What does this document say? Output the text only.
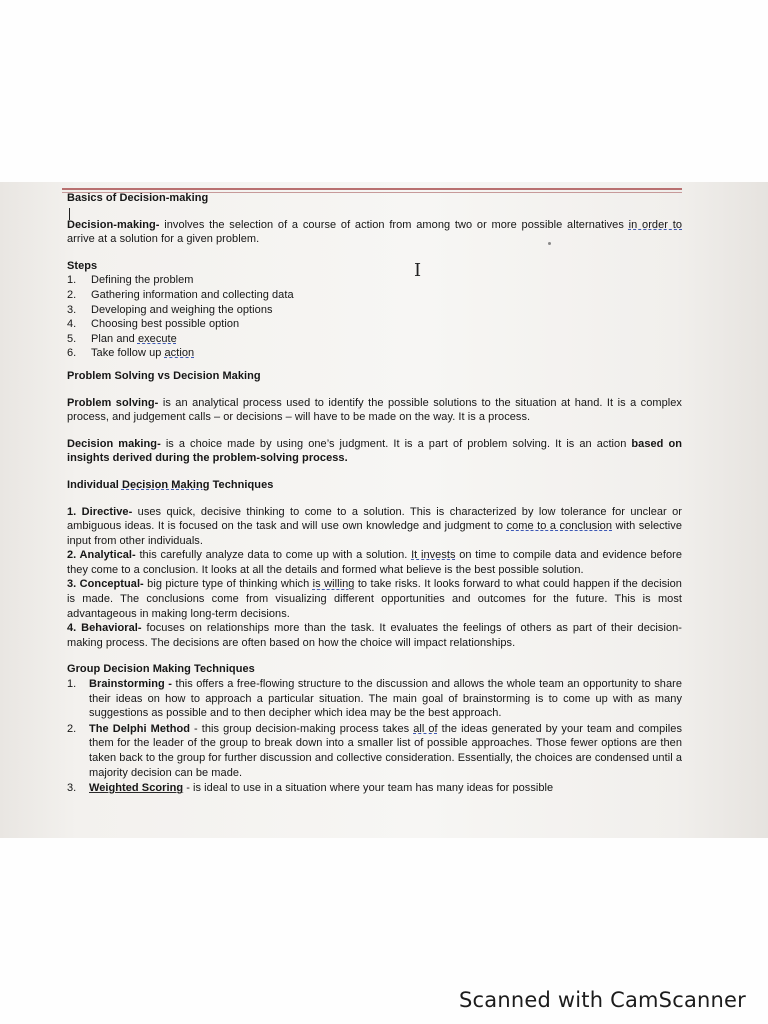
I

Basics of Decision-making

Decision-making- involves the selection of a course of action from among two or more possible alternatives in order to arrive at a solution for a given problem.

Steps

1.	Defining the problem
2.	Gathering information and collecting data
3.	Developing and weighing the options
4.	Choosing best possible option
5.	Plan and execute
6.	Take follow up action

Problem Solving vs Decision Making

Problem solving- is an analytical process used to identify the possible solutions to the situation at hand. It is a complex process, and judgement calls – or decisions – will have to be made on the way. It is a process.

Decision making- is a choice made by using one’s judgment. It is a part of problem solving. It is an action based on insights derived during the problem-solving process.

Individual Decision Making Techniques

1. Directive- uses quick, decisive thinking to come to a solution. This is characterized by low tolerance for unclear or ambiguous ideas. It is focused on the task and will use own knowledge and judgment to come to a conclusion with selective input from other individuals.

2. Analytical- this carefully analyze data to come up with a solution. It invests on time to compile data and evidence before they come to a conclusion. It looks at all the details and formed what believe is the best possible solution.

3. Conceptual- big picture type of thinking which is willing to take risks. It looks forward to what could happen if the decision is made. The conclusions come from visualizing different opportunities and outcomes for the future. This is most advantageous in making long-term decisions.

4. Behavioral- focuses on relationships more than the task. It evaluates the feelings of others as part of their decision-making process. The decisions are often based on how the choice will impact relationships.

Group Decision Making Techniques

1.	Brainstorming - this offers a free-flowing structure to the discussion and allows the whole team an opportunity to share their ideas on how to approach a particular situation. The main goal of brainstorming is to come up with as many suggestions as possible and to then decipher which idea may be the best approach.
2.	The Delphi Method - this group decision-making process takes all of the ideas generated by your team and compiles them for the leader of the group to break down into a smaller list of possible approaches. Those fewer options are then taken back to the group for further discussion and collective consideration. Essentially, the choices are condensed until a majority decision can be made.
3.	Weighted Scoring - is ideal to use in a situation where your team has many ideas for possible
Scanned with CamScanner
